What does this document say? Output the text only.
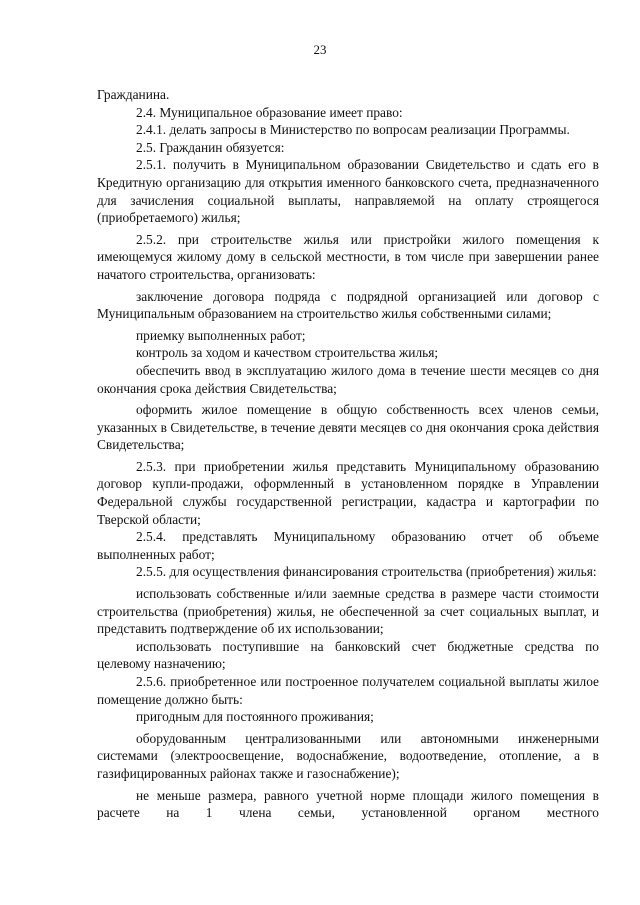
23

Гражданина.

2.4. Муниципальное образование имеет право:

2.4.1. делать запросы в Министерство по вопросам реализации Программы.

2.5. Гражданин обязуется:

2.5.1. получить в Муниципальном образовании Свидетельство и сдать его в Кредитную организацию для открытия именного банковского счета, предназначенного для зачисления социальной выплаты, направляемой на оплату строящегося (приобретаемого) жилья;

2.5.2. при строительстве жилья или пристройки жилого помещения к имеющемуся жилому дому в сельской местности, в том числе при завершении ранее начатого строительства, организовать:

заключение договора подряда с подрядной организацией или договор с Муниципальным образованием на строительство жилья собственными силами;

приемку выполненных работ;

контроль за ходом и качеством строительства жилья;

обеспечить ввод в эксплуатацию жилого дома в течение шести месяцев со дня окончания срока действия Свидетельства;

оформить жилое помещение в общую собственность всех членов семьи, указанных в Свидетельстве, в течение девяти месяцев со дня окончания срока действия Свидетельства;

2.5.3. при приобретении жилья представить Муниципальному образованию договор купли-продажи, оформленный в установленном порядке в Управлении Федеральной службы государственной регистрации, кадастра и картографии по Тверской области;

2.5.4. представлять Муниципальному образованию отчет об объеме выполненных работ;

2.5.5. для осуществления финансирования строительства (приобретения) жилья:

использовать собственные и/или заемные средства в размере части стоимости строительства (приобретения) жилья, не обеспеченной за счет социальных выплат, и представить подтверждение об их использовании;

использовать поступившие на банковский счет бюджетные средства по целевому назначению;

2.5.6. приобретенное или построенное получателем социальной выплаты жилое помещение должно быть:

пригодным для постоянного проживания;

оборудованным централизованными или автономными инженерными системами (электроосвещение, водоснабжение, водоотведение, отопление, а в газифицированных районах также и газоснабжение);

не меньше размера, равного учетной норме площади жилого помещения в расчете на 1 члена семьи, установленной органом местного
